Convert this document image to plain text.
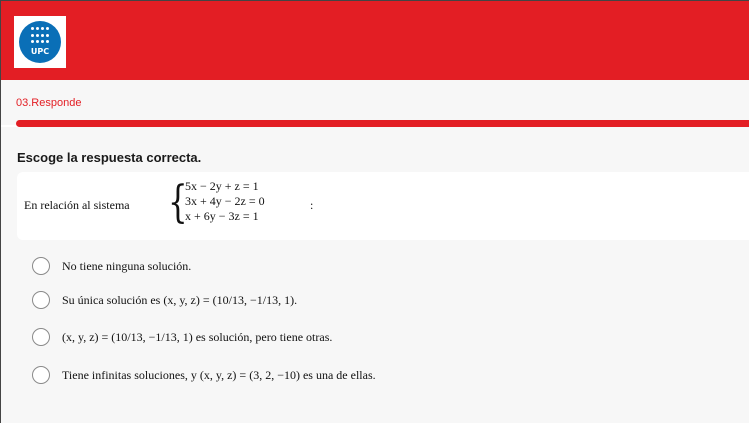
UPC
03.Responde
Escoge la respuesta correcta.
En relación al sistema {
5x − 2y + z = 1
3x + 4y − 2z = 0
x + 6y − 3z = 1
:
No tiene ninguna solución.
Su única solución es (x, y, z) = (10/13, −1/13, 1).
(x, y, z) = (10/13, −1/13, 1) es solución, pero tiene otras.
Tiene infinitas soluciones, y (x, y, z) = (3, 2, −10) es una de ellas.
